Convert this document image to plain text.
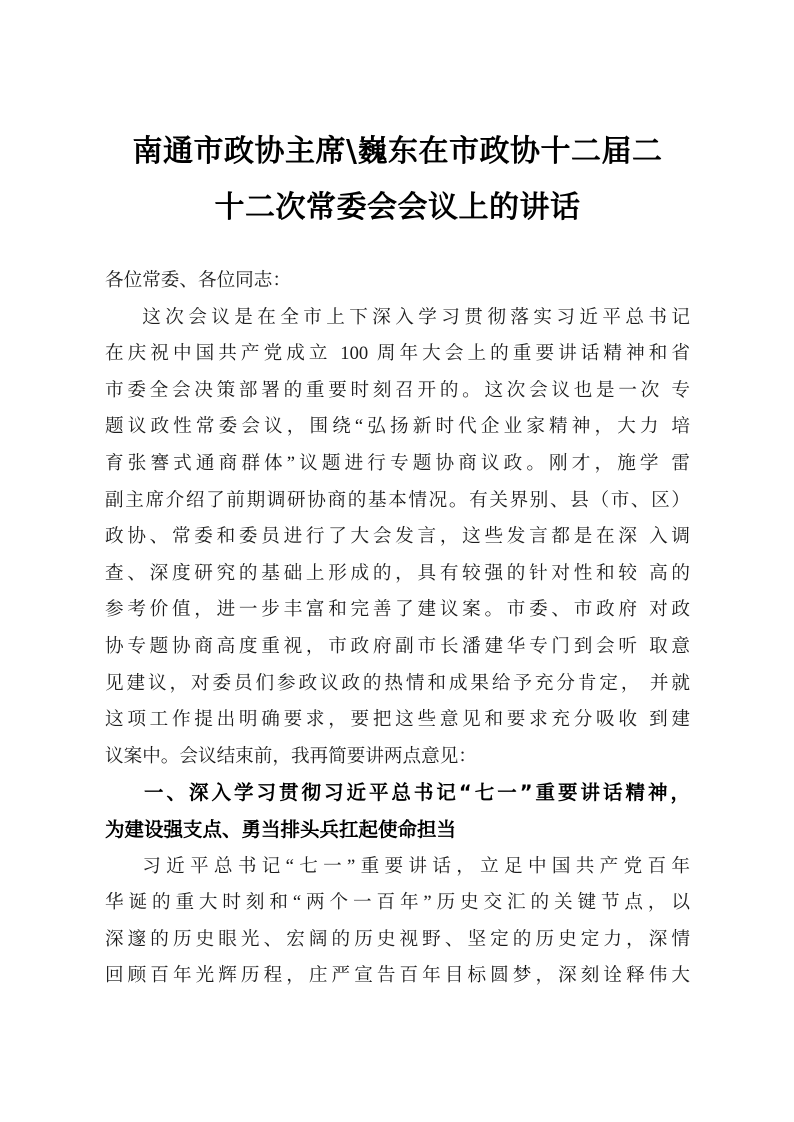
南通市政协主席\巍东在市政协十二届二
十二次常委会会议上的讲话
各位常委、各位同志：
这次会议是在全市上下深入学习贯彻落实习近平总书记
在庆祝中国共产党成立 100 周年大会上的重要讲话精神和省
市委全会决策部署的重要时刻召开的。这次会议也是一次 专
题议政性常委会议，围绕“弘扬新时代企业家精神，大力 培
育张謇式通商群体”议题进行专题协商议政。刚才，施学 雷
副主席介绍了前期调研协商的基本情况。有关界别、县（市、区）
政协、常委和委员进行了大会发言，这些发言都是在深 入调
查、深度研究的基础上形成的，具有较强的针对性和较 高的
参考价值，进一步丰富和完善了建议案。市委、市政府 对政
协专题协商高度重视，市政府副市长潘建华专门到会听 取意
见建议，对委员们参政议政的热情和成果给予充分肯定， 并就
这项工作提出明确要求，要把这些意见和要求充分吸收 到建
议案中。会议结束前，我再简要讲两点意见：
一、深入学习贯彻习近平总书记“七一”重要讲话精神，
为建设强支点、勇当排头兵扛起使命担当
习近平总书记“七一”重要讲话，立足中国共产党百年
华诞的重大时刻和“两个一百年”历史交汇的关键节点，以
深邃的历史眼光、宏阔的历史视野、坚定的历史定力，深情
回顾百年光辉历程，庄严宣告百年目标圆梦，深刻诠释伟大
